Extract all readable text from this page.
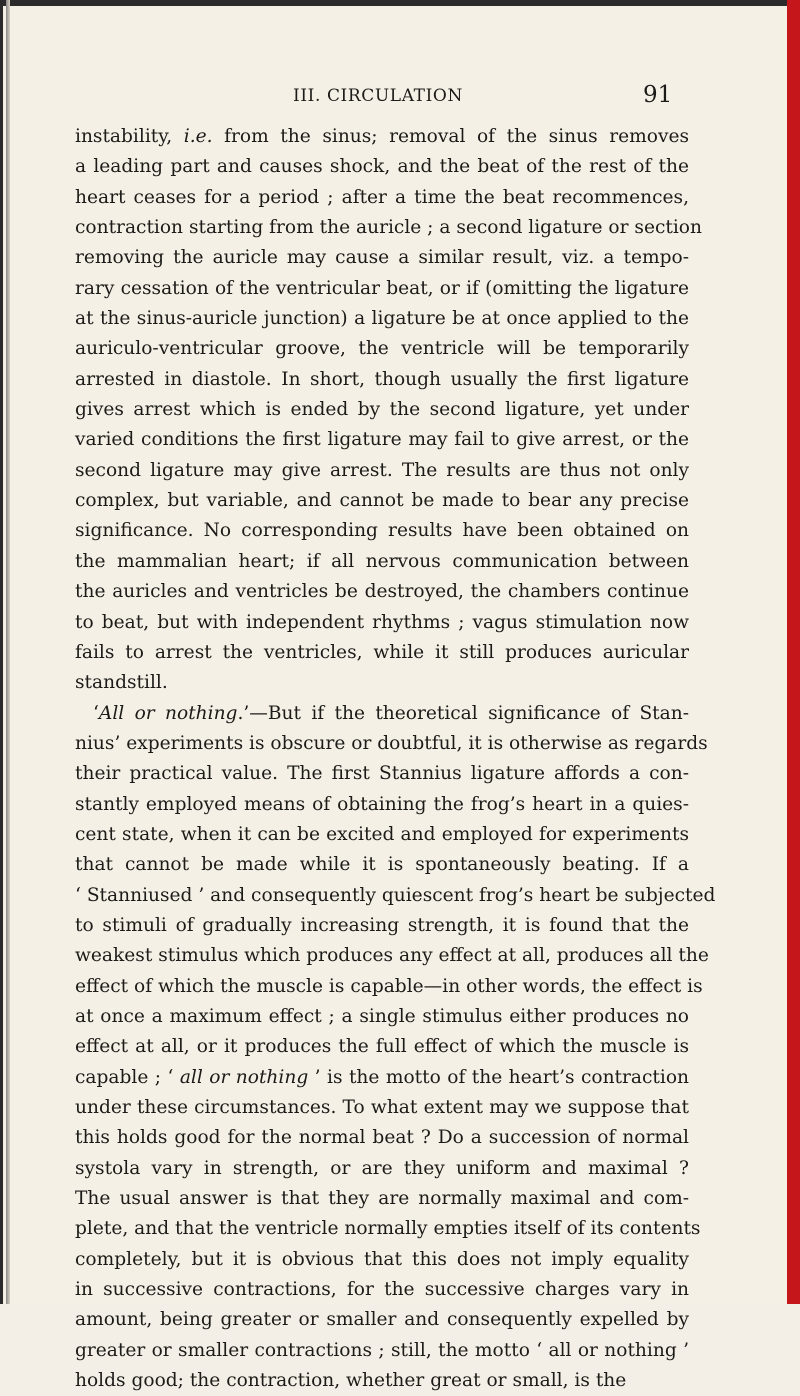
III. CIRCULATION	91
instability, i.e. from the sinus; removal of the sinus removes
a leading part and causes shock, and the beat of the rest of the
heart ceases for a period ; after a time the beat recommences,
contraction starting from the auricle ; a second ligature or section
removing the auricle may cause a similar result, viz. a tempo-
rary cessation of the ventricular beat, or if (omitting the ligature
at the sinus-auricle junction) a ligature be at once applied to the
auriculo-ventricular groove, the ventricle will be temporarily
arrested in diastole. In short, though usually the first ligature
gives arrest which is ended by the second ligature, yet under
varied conditions the first ligature may fail to give arrest, or the
second ligature may give arrest. The results are thus not only
complex, but variable, and cannot be made to bear any precise
significance. No corresponding results have been obtained on
the mammalian heart; if all nervous communication between
the auricles and ventricles be destroyed, the chambers continue
to beat, but with independent rhythms ; vagus stimulation now
fails to arrest the ventricles, while it still produces auricular
standstill.
‘All or nothing.’—But if the theoretical significance of Stan-
nius’ experiments is obscure or doubtful, it is otherwise as regards
their practical value. The first Stannius ligature affords a con-
stantly employed means of obtaining the frog’s heart in a quies-
cent state, when it can be excited and employed for experiments
that cannot be made while it is spontaneously beating. If a
‘ Stanniused ’ and consequently quiescent frog’s heart be subjected
to stimuli of gradually increasing strength, it is found that the
weakest stimulus which produces any effect at all, produces all the
effect of which the muscle is capable—in other words, the effect is
at once a maximum effect ; a single stimulus either produces no
effect at all, or it produces the full effect of which the muscle is
capable ; ‘ all or nothing ’ is the motto of the heart’s contraction
under these circumstances. To what extent may we suppose that
this holds good for the normal beat ? Do a succession of normal
systola vary in strength, or are they uniform and maximal ?
The usual answer is that they are normally maximal and com-
plete, and that the ventricle normally empties itself of its contents
completely, but it is obvious that this does not imply equality
in successive contractions, for the successive charges vary in
amount, being greater or smaller and consequently expelled by
greater or smaller contractions ; still, the motto ‘ all or nothing ’
holds good; the contraction, whether great or small, is the
